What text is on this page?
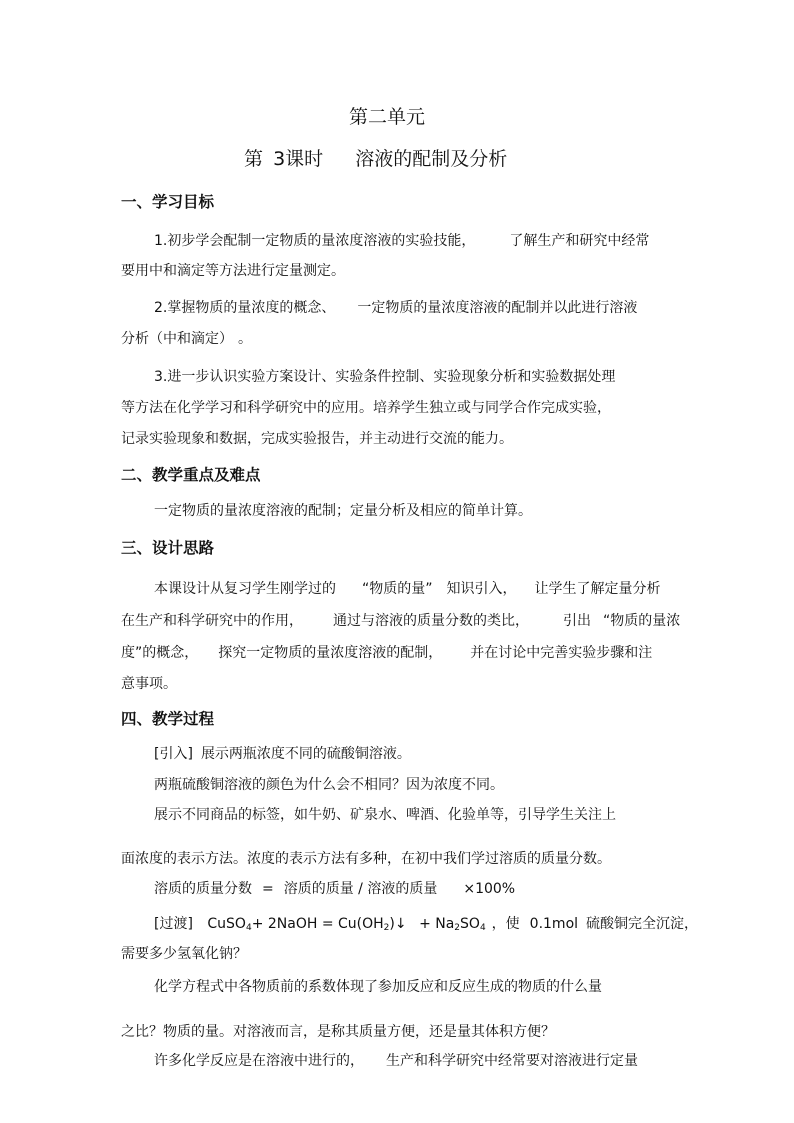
第二单元
第 3课时 溶液的配制及分析
一、学习目标
1.初步学会配制一定物质的量浓度溶液的实验技能， 了解生产和研究中经常
要用中和滴定等方法进行定量测定。
2.掌握物质的量浓度的概念、 一定物质的量浓度溶液的配制并以此进行溶液
分析（中和滴定） 。
3.进一步认识实验方案设计、实验条件控制、实验现象分析和实验数据处理
等方法在化学学习和科学研究中的应用。培养学生独立或与同学合作完成实验，
记录实验现象和数据，完成实验报告，并主动进行交流的能力。
二、教学重点及难点
一定物质的量浓度溶液的配制；定量分析及相应的简单计算。
三、设计思路
本课设计从复习学生刚学过的 “物质的量” 知识引入， 让学生了解定量分析
在生产和科学研究中的作用， 通过与溶液的质量分数的类比， 引出 “物质的量浓
度”的概念， 探究一定物质的量浓度溶液的配制， 并在讨论中完善实验步骤和注
意事项。
四、教学过程
[引入] 展示两瓶浓度不同的硫酸铜溶液。
两瓶硫酸铜溶液的颜色为什么会不相同？因为浓度不同。
展示不同商品的标签，如牛奶、矿泉水、啤酒、化验单等，引导学生关注上
面浓度的表示方法。浓度的表示方法有多种，在初中我们学过溶质的质量分数。
溶质的质量分数 = 溶质的质量 / 溶液的质量 ×100%
[过渡] CuSO$_4$+ 2NaOH = $Cu(OH_2)↓ + Na_2SO_4$ ，使 0.1mol 硫酸铜完全沉淀，
需要多少氢氧化钠？
化学方程式中各物质前的系数体现了参加反应和反应生成的物质的什么量
之比？物质的量。对溶液而言，是称其质量方便，还是量其体积方便？
许多化学反应是在溶液中进行的， 生产和科学研究中经常要对溶液进行定量
